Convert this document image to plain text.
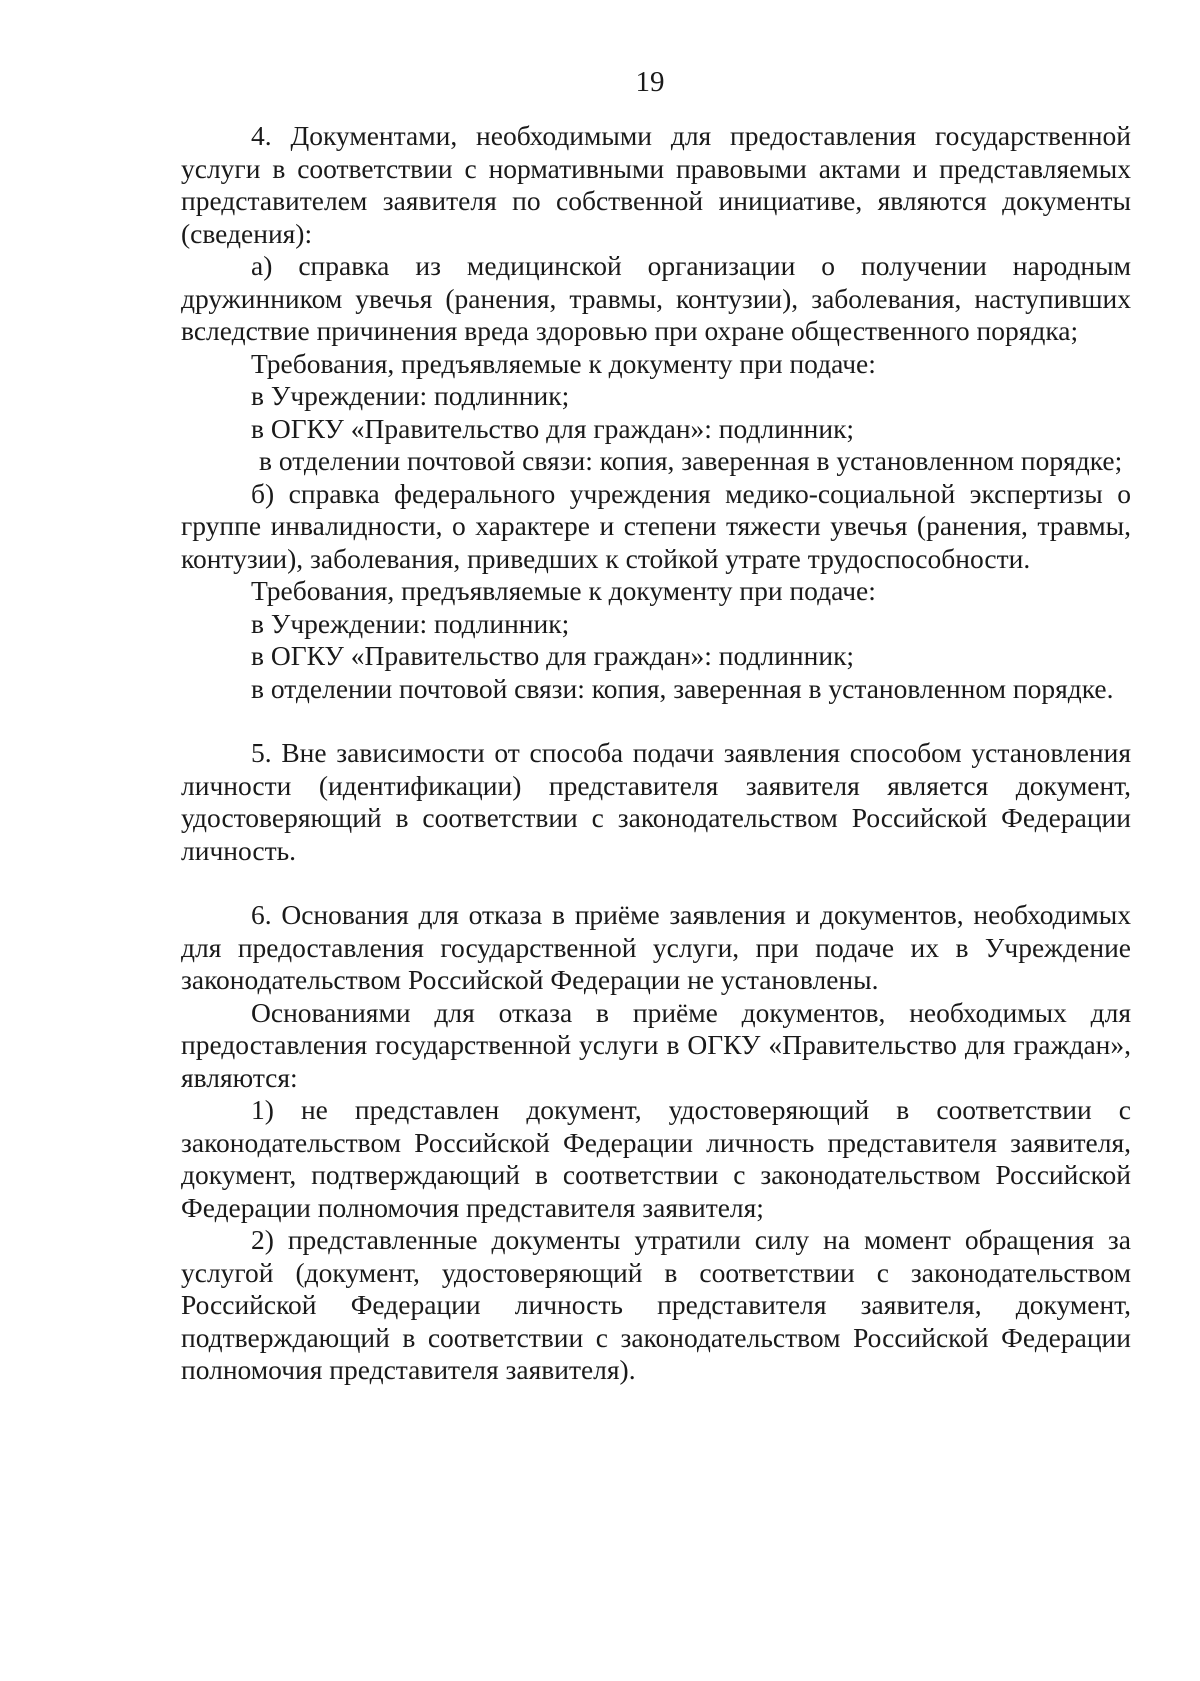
19

4. Документами, необходимыми для предоставления государственной услуги в соответствии с нормативными правовыми актами и представляемых представителем заявителя по собственной инициативе, являются документы (сведения):

а) справка из медицинской организации о получении народным дружинником увечья (ранения, травмы, контузии), заболевания, наступивших вследствие причинения вреда здоровью при охране общественного порядка;

Требования, предъявляемые к документу при подаче:

в Учреждении: подлинник;

в ОГКУ «Правительство для граждан»: подлинник;

в отделении почтовой связи: копия, заверенная в установленном порядке;

б) справка федерального учреждения медико-социальной экспертизы о группе инвалидности, о характере и степени тяжести увечья (ранения, травмы, контузии), заболевания, приведших к стойкой утрате трудоспособности.

Требования, предъявляемые к документу при подаче:

в Учреждении: подлинник;

в ОГКУ «Правительство для граждан»: подлинник;

в отделении почтовой связи: копия, заверенная в установленном порядке.

5. Вне зависимости от способа подачи заявления способом установления личности (идентификации) представителя заявителя является документ, удостоверяющий в соответствии с законодательством Российской Федерации личность.

6. Основания для отказа в приёме заявления и документов, необходимых для предоставления государственной услуги, при подаче их в Учреждение законодательством Российской Федерации не установлены.

Основаниями для отказа в приёме документов, необходимых для предоставления государственной услуги в ОГКУ «Правительство для граждан», являются:

1) не представлен документ, удостоверяющий в соответствии с законодательством Российской Федерации личность представителя заявителя, документ, подтверждающий в соответствии с законодательством Российской Федерации полномочия представителя заявителя;

2) представленные документы утратили силу на момент обращения за услугой (документ, удостоверяющий в соответствии с законодательством Российской Федерации личность представителя заявителя, документ, подтверждающий в соответствии с законодательством Российской Федерации полномочия представителя заявителя).
